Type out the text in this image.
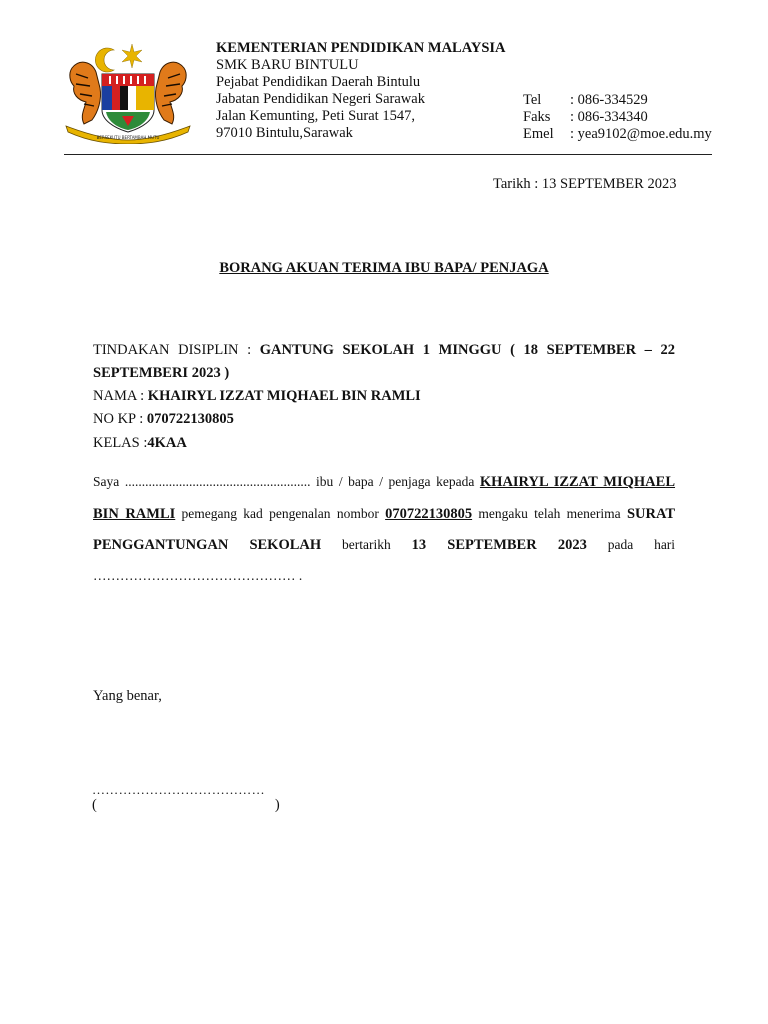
BERSEKUTU BERTAMBAH MUTU
KEMENTERIAN PENDIDIKAN MALAYSIA
SMK BARU BINTULU
Pejabat Pendidikan Daerah Bintulu
Jabatan Pendidikan Negeri Sarawak
Jalan Kemunting, Peti Surat 1547,
97010 Bintulu,Sarawak
Tel : 086-334529
Faks : 086-334340
Emel : yea9102@moe.edu.my
Tarikh : 13 SEPTEMBER 2023
BORANG AKUAN TERIMA IBU BAPA/ PENJAGA
TINDAKAN DISIPLIN : GANTUNG SEKOLAH 1 MINGGU ( 18 SEPTEMBER – 22
SEPTEMBERI 2023 )
NAMA : KHAIRYL IZZAT MIQHAEL BIN RAMLI
NO KP : 070722130805
KELAS :4KAA
Saya ....................................................... ibu / bapa / penjaga kepada KHAIRYL IZZAT MIQHAEL
BIN RAMLI pemegang kad pengenalan nombor 070722130805 mengaku telah menerima SURAT
PENGGANTUNGAN SEKOLAH bertarikh 13 SEPTEMBER 2023 pada hari
……………………………………… .
Yang benar,
…………………………………
(	)
